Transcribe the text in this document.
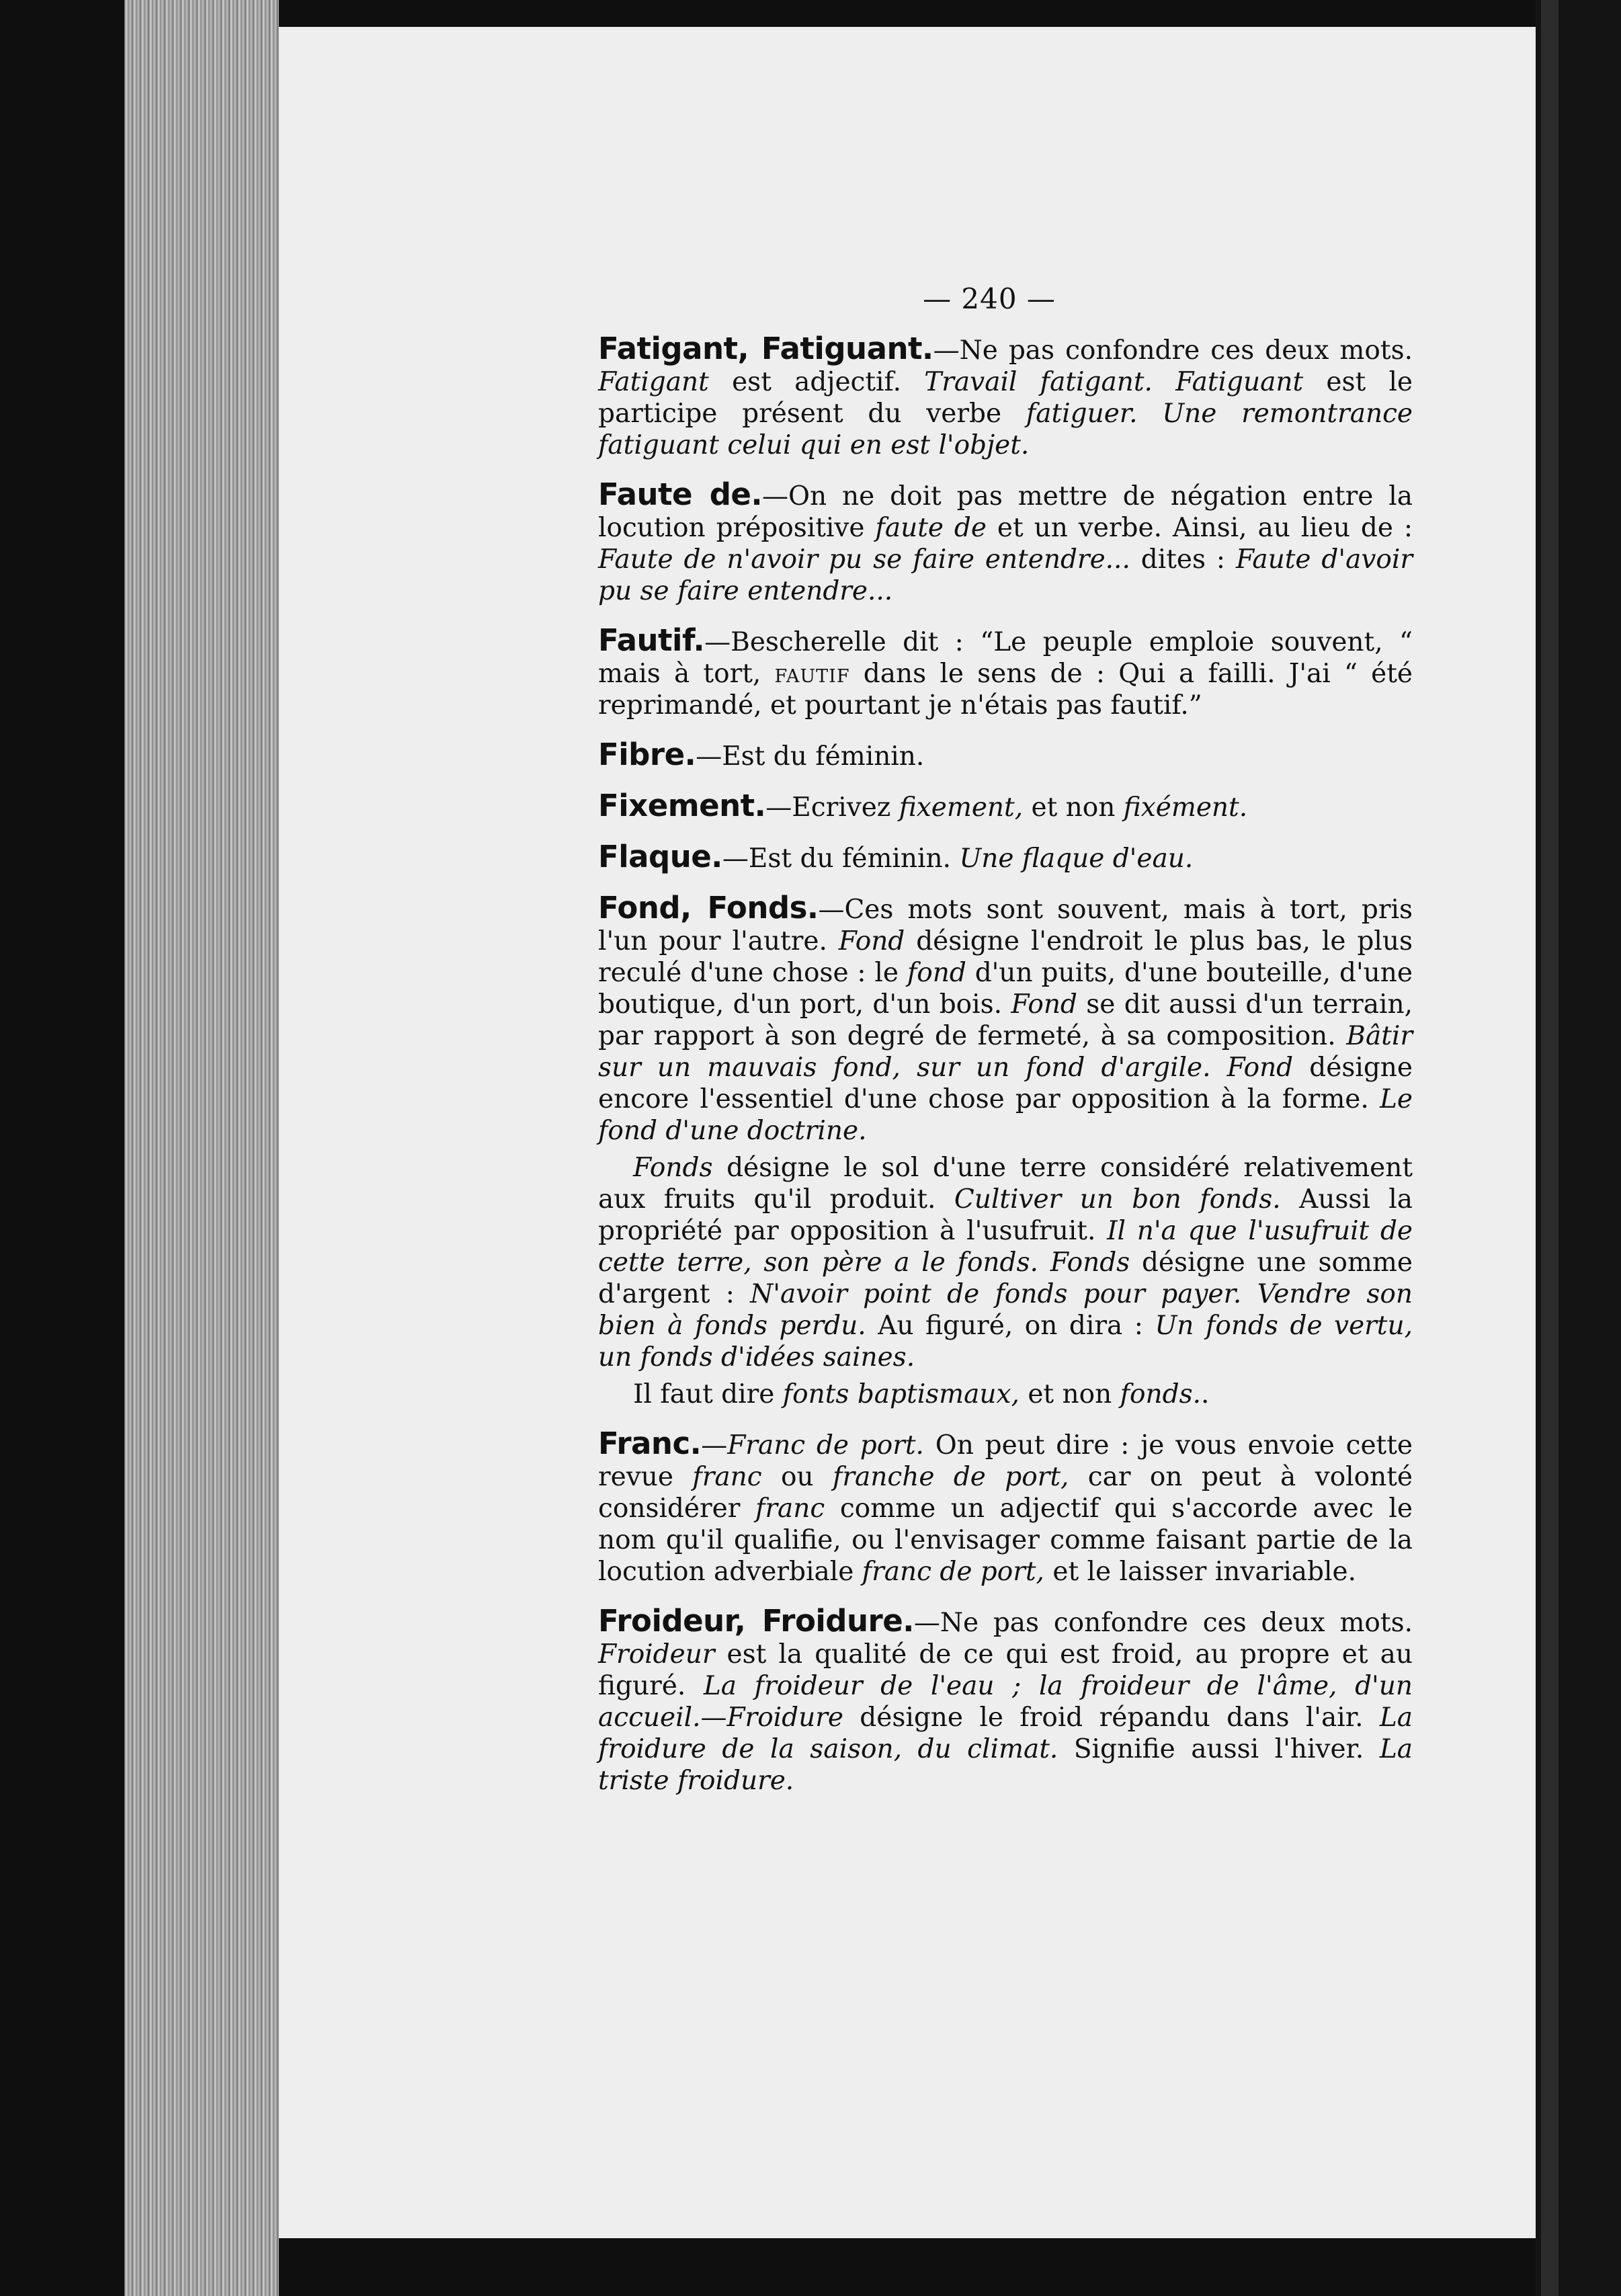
— 240 —
Fatigant, Fatiguant.—Ne pas confondre ces deux mots. Fatigant est adjectif. Travail fatigant. Fatiguant est le participe présent du verbe fatiguer. Une remontrance fatiguant celui qui en est l'objet.
Faute de.—On ne doit pas mettre de négation entre la locution prépositive faute de et un verbe. Ainsi, au lieu de : Faute de n'avoir pu se faire entendre... dites : Faute d'avoir pu se faire entendre...
Fautif.—Bescherelle dit : “Le peuple emploie souvent, “ mais à tort, fautif dans le sens de : Qui a failli. J'ai “ été reprimandé, et pourtant je n'étais pas fautif.”
Fibre.—Est du féminin.
Fixement.—Ecrivez fixement, et non fixément.
Flaque.—Est du féminin. Une flaque d'eau.
Fond, Fonds.—Ces mots sont souvent, mais à tort, pris l'un pour l'autre. Fond désigne l'endroit le plus bas, le plus reculé d'une chose : le fond d'un puits, d'une bouteille, d'une boutique, d'un port, d'un bois. Fond se dit aussi d'un terrain, par rapport à son degré de fermeté, à sa composition. Bâtir sur un mauvais fond, sur un fond d'argile. Fond désigne encore l'essentiel d'une chose par opposition à la forme. Le fond d'une doctrine.
Fonds désigne le sol d'une terre considéré relativement aux fruits qu'il produit. Cultiver un bon fonds. Aussi la propriété par opposition à l'usufruit. Il n'a que l'usufruit de cette terre, son père a le fonds. Fonds désigne une somme d'argent : N'avoir point de fonds pour payer. Vendre son bien à fonds perdu. Au figuré, on dira : Un fonds de vertu, un fonds d'idées saines.
Il faut dire fonts baptismaux, et non fonds..
Franc.—Franc de port. On peut dire : je vous envoie cette revue franc ou franche de port, car on peut à volonté considérer franc comme un adjectif qui s'accorde avec le nom qu'il qualifie, ou l'envisager comme faisant partie de la locution adverbiale franc de port, et le laisser invariable.
Froideur, Froidure.—Ne pas confondre ces deux mots. Froideur est la qualité de ce qui est froid, au propre et au figuré. La froideur de l'eau ; la froideur de l'âme, d'un accueil.—Froidure désigne le froid répandu dans l'air. La froidure de la saison, du climat. Signifie aussi l'hiver. La triste froidure.
